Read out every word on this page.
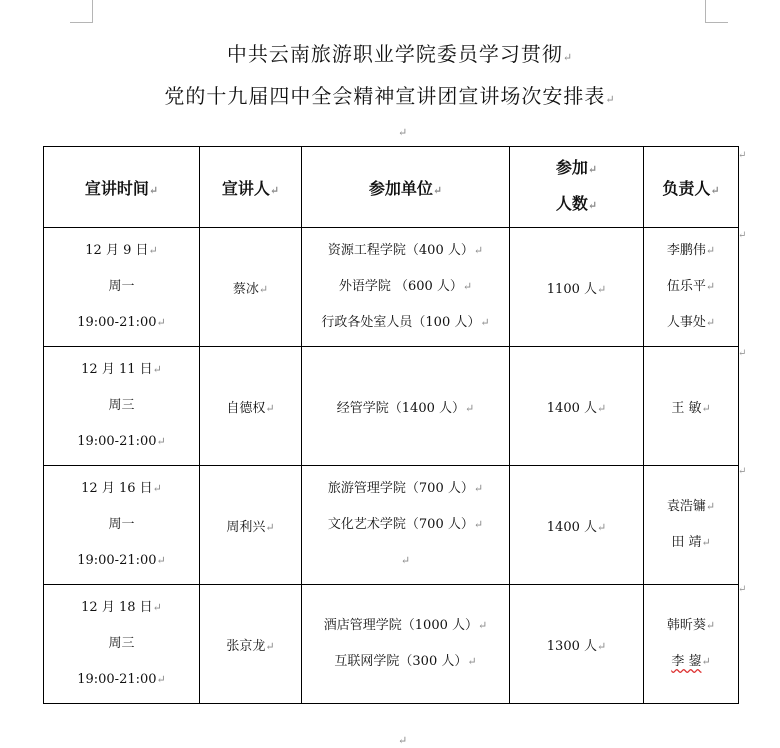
中共云南旅游职业学院委员学习贯彻↵
党的十九届四中全会精神宣讲团宣讲场次安排表↵
↵
宣讲时间↵	宣讲人↵	参加单位↵	参加↵
人数↵	负责人↵

12 月 9 日↵
周一
19:00-21:00↵	蔡冰↵	资源工程学院（400 人）↵
外语学院 （600 人）↵
行政各处室人员（100 人）↵	1100 人↵	李鹏伟↵
伍乐平↵
人事处↵

12 月 11 日↵
周三
19:00-21:00↵	自德权↵	经管学院（1400 人）↵	1400 人↵	王 敏↵

12 月 16 日↵
周一
19:00-21:00↵	周利兴↵	旅游管理学院（700 人）↵
文化艺术学院（700 人）↵
↵	1400 人↵	袁浩镛↵
田 靖↵

12 月 18 日↵
周三
19:00-21:00↵	张京龙↵	酒店管理学院（1000 人）↵
互联网学院（300 人）↵	1300 人↵	韩昕葵↵
李 鋆↵
↵
↵
↵
↵
↵
↵
